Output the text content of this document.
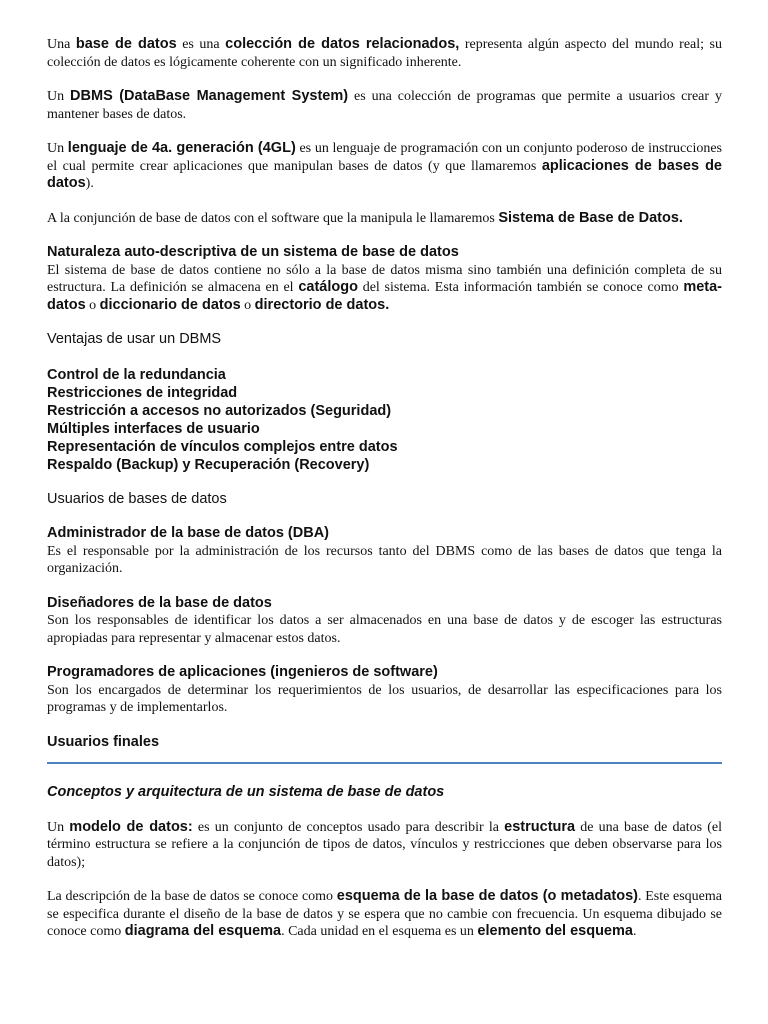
Una base de datos es una colección de datos relacionados, representa algún aspecto del mundo real; su colección de datos es lógicamente coherente con un significado inherente.

Un DBMS (DataBase Management System) es una colección de programas que permite a usuarios crear y mantener bases de datos.

Un lenguaje de 4a. generación (4GL) es un lenguaje de programación con un conjunto poderoso de instrucciones el cual permite crear aplicaciones que manipulan bases de datos (y que llamaremos aplicaciones de bases de datos).

A la conjunción de base de datos con el software que la manipula le llamaremos Sistema de Base de Datos.

Naturaleza auto-descriptiva de un sistema de base de datos

El sistema de base de datos contiene no sólo a la base de datos misma sino también una definición completa de su estructura. La definición se almacena en el catálogo del sistema. Esta información también se conoce como meta-datos o diccionario de datos o directorio de datos.

Ventajas de usar un DBMS

Control de la redundancia
Restricciones de integridad
Restricción a accesos no autorizados (Seguridad)
Múltiples interfaces de usuario
Representación de vínculos complejos entre datos
Respaldo (Backup) y Recuperación (Recovery)

Usuarios de bases de datos

Administrador de la base de datos (DBA)

Es el responsable por la administración de los recursos tanto del DBMS como de las bases de datos que tenga la organización.

Diseñadores de la base de datos

Son los responsables de identificar los datos a ser almacenados en una base de datos y de escoger las estructuras apropiadas para representar y almacenar estos datos.

Programadores de aplicaciones (ingenieros de software)

Son los encargados de determinar los requerimientos de los usuarios, de desarrollar las especificaciones para los programas y de implementarlos.

Usuarios finales

Conceptos y arquitectura de un sistema de base de datos

Un modelo de datos: es un conjunto de conceptos usado para describir la estructura de una base de datos (el término estructura se refiere a la conjunción de tipos de datos, vínculos y restricciones que deben observarse para los datos);

La descripción de la base de datos se conoce como esquema de la base de datos (o metadatos). Este esquema se especifica durante el diseño de la base de datos y se espera que no cambie con frecuencia. Un esquema dibujado se conoce como diagrama del esquema. Cada unidad en el esquema es un elemento del esquema.
